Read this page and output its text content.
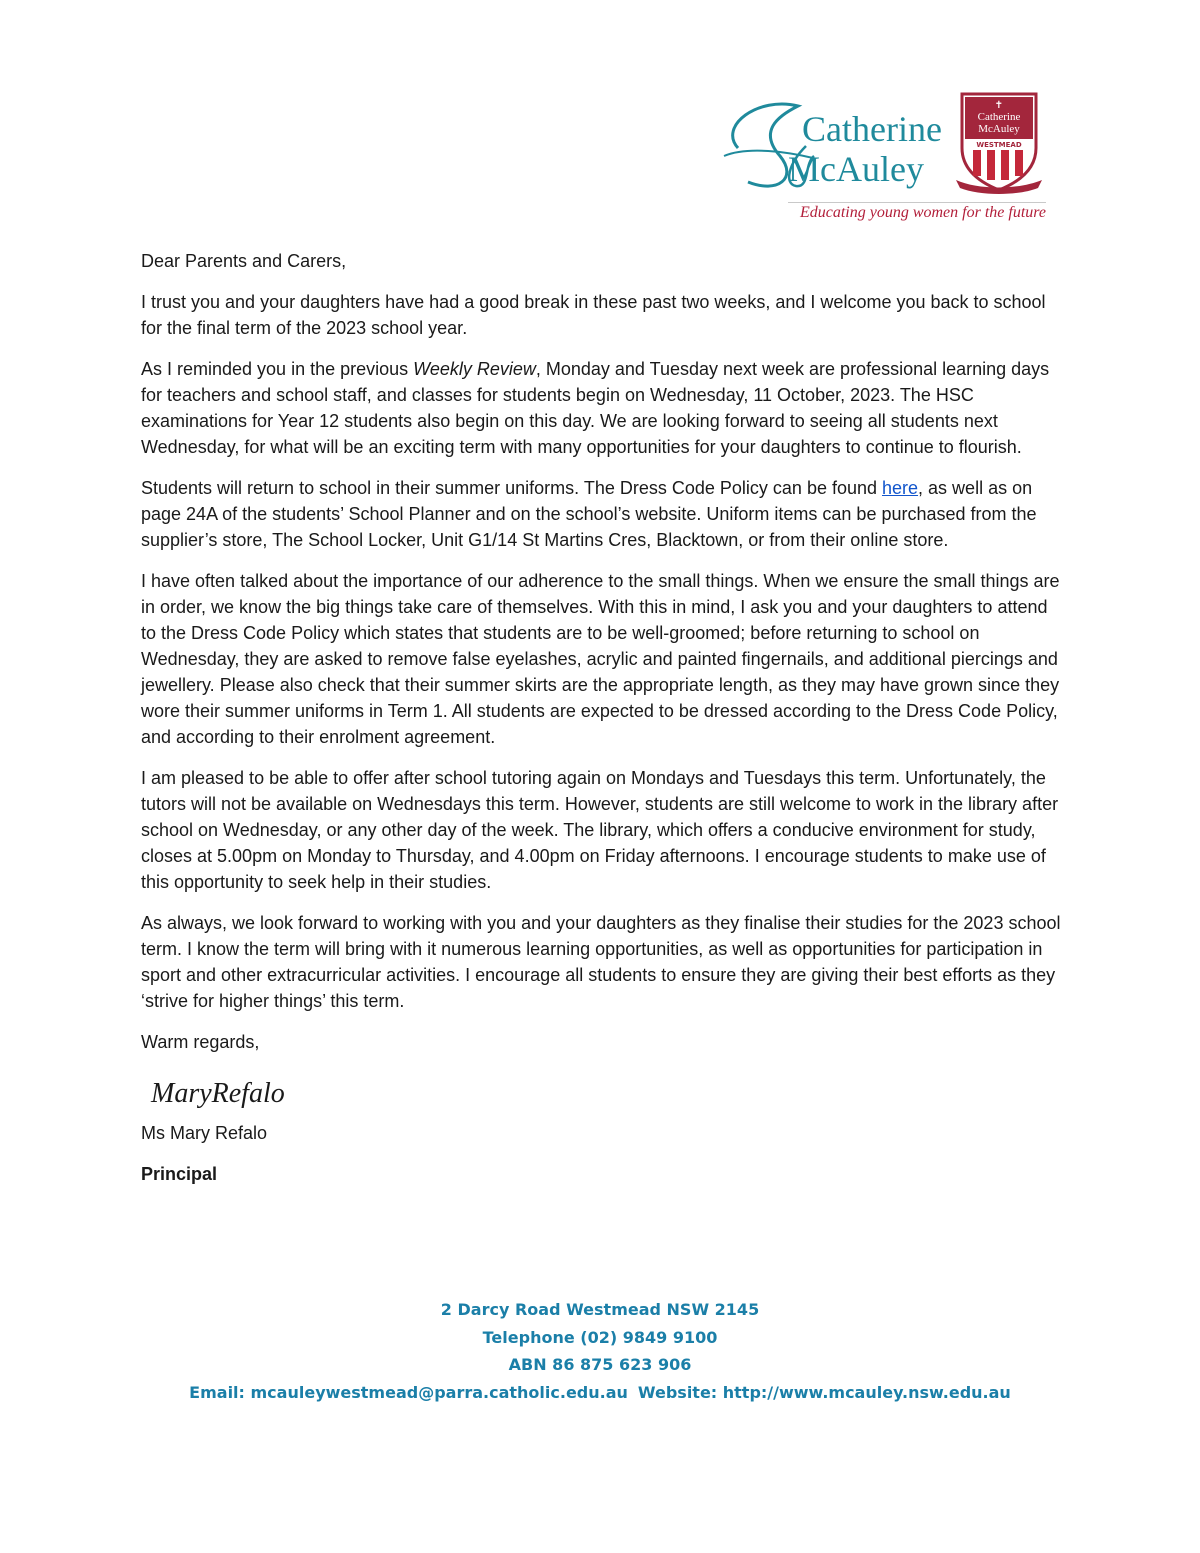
Catherine
McAuley
✝
Catherine
McAuley
WESTMEAD
Educating young women for the future

Dear Parents and Carers,

I trust you and your daughters have had a good break in these past two weeks, and I welcome you back to school for the final term of the 2023 school year.

As I reminded you in the previous Weekly Review, Monday and Tuesday next week are professional learning days for teachers and school staff, and classes for students begin on Wednesday, 11 October, 2023. The HSC examinations for Year 12 students also begin on this day. We are looking forward to seeing all students next Wednesday, for what will be an exciting term with many opportunities for your daughters to continue to flourish.

Students will return to school in their summer uniforms. The Dress Code Policy can be found here, as well as on page 24A of the students’ School Planner and on the school’s website. Uniform items can be purchased from the supplier’s store, The School Locker, Unit G1/14 St Martins Cres, Blacktown, or from their online store.

I have often talked about the importance of our adherence to the small things. When we ensure the small things are in order, we know the big things take care of themselves. With this in mind, I ask you and your daughters to attend to the Dress Code Policy which states that students are to be well-groomed; before returning to school on Wednesday, they are asked to remove false eyelashes, acrylic and painted fingernails, and additional piercings and jewellery. Please also check that their summer skirts are the appropriate length, as they may have grown since they wore their summer uniforms in Term 1. All students are expected to be dressed according to the Dress Code Policy, and according to their enrolment agreement.

I am pleased to be able to offer after school tutoring again on Mondays and Tuesdays this term. Unfortunately, the tutors will not be available on Wednesdays this term. However, students are still welcome to work in the library after school on Wednesday, or any other day of the week. The library, which offers a conducive environment for study, closes at 5.00pm on Monday to Thursday, and 4.00pm on Friday afternoons. I encourage students to make use of this opportunity to seek help in their studies.

As always, we look forward to working with you and your daughters as they finalise their studies for the 2023 school term. I know the term will bring with it numerous learning opportunities, as well as opportunities for participation in sport and other extracurricular activities. I encourage all students to ensure they are giving their best efforts as they ‘strive for higher things’ this term.

Warm regards,

MaryRefalo

Ms Mary Refalo

Principal

2 Darcy Road Westmead NSW 2145
Telephone (02) 9849 9100
ABN 86 875 623 906
Email: mcauleywestmead@parra.catholic.edu.au Website: http://www.mcauley.nsw.edu.au
